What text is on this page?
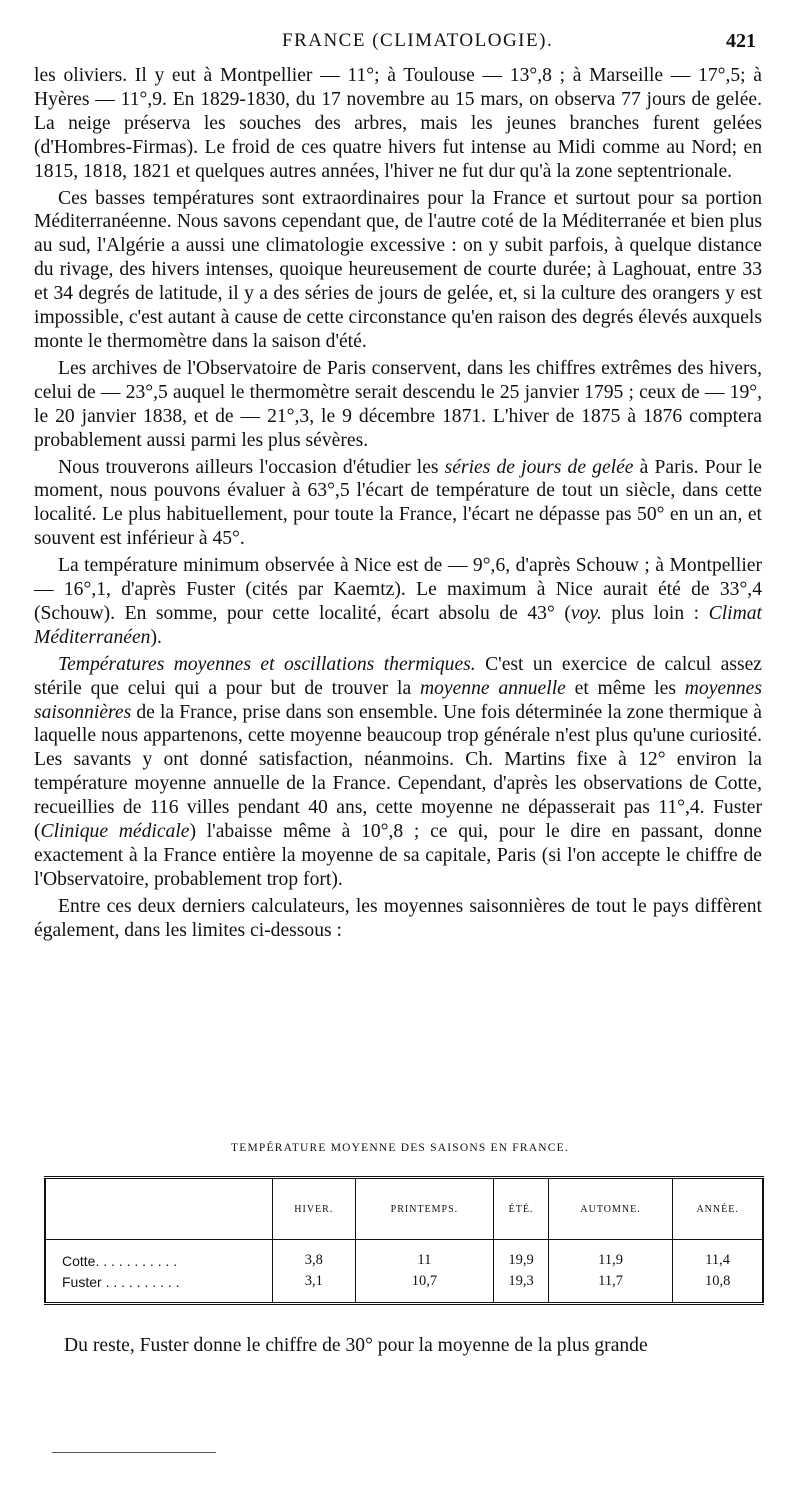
FRANCE (CLIMATOLOGIE).	421

les oliviers. Il y eut à Montpellier — 11°; à Toulouse — 13°,8 ; à Marseille — 17°,5; à Hyères — 11°,9. En 1829-1830, du 17 novembre au 15 mars, on observa 77 jours de gelée. La neige préserva les souches des arbres, mais les jeunes branches furent gelées (d'Hombres-Firmas). Le froid de ces quatre hivers fut intense au Midi comme au Nord; en 1815, 1818, 1821 et quelques autres années, l'hiver ne fut dur qu'à la zone septentrionale.

Ces basses températures sont extraordinaires pour la France et surtout pour sa portion Méditerranéenne. Nous savons cependant que, de l'autre coté de la Méditerranée et bien plus au sud, l'Algérie a aussi une climatologie excessive : on y subit parfois, à quelque distance du rivage, des hivers intenses, quoique heureusement de courte durée; à Laghouat, entre 33 et 34 degrés de latitude, il y a des séries de jours de gelée, et, si la culture des orangers y est impossible, c'est autant à cause de cette circonstance qu'en raison des degrés élevés auxquels monte le thermomètre dans la saison d'été.

Les archives de l'Observatoire de Paris conservent, dans les chiffres extrêmes des hivers, celui de — 23°,5 auquel le thermomètre serait descendu le 25 janvier 1795 ; ceux de — 19°, le 20 janvier 1838, et de — 21°,3, le 9 décembre 1871. L'hiver de 1875 à 1876 comptera probablement aussi parmi les plus sévères.

Nous trouverons ailleurs l'occasion d'étudier les séries de jours de gelée à Paris. Pour le moment, nous pouvons évaluer à 63°,5 l'écart de température de tout un siècle, dans cette localité. Le plus habituellement, pour toute la France, l'écart ne dépasse pas 50° en un an, et souvent est inférieur à 45°.

La température minimum observée à Nice est de — 9°,6, d'après Schouw ; à Montpellier — 16°,1, d'après Fuster (cités par Kaemtz). Le maximum à Nice aurait été de 33°,4 (Schouw). En somme, pour cette localité, écart absolu de 43° (voy. plus loin : Climat Méditerranéen).

Températures moyennes et oscillations thermiques. C'est un exercice de calcul assez stérile que celui qui a pour but de trouver la moyenne annuelle et même les moyennes saisonnières de la France, prise dans son ensemble. Une fois déterminée la zone thermique à laquelle nous appartenons, cette moyenne beaucoup trop générale n'est plus qu'une curiosité. Les savants y ont donné satisfaction, néanmoins. Ch. Martins fixe à 12° environ la température moyenne annuelle de la France. Cependant, d'après les observations de Cotte, recueillies de 116 villes pendant 40 ans, cette moyenne ne dépasserait pas 11°,4. Fuster (Clinique médicale) l'abaisse même à 10°,8 ; ce qui, pour le dire en passant, donne exactement à la France entière la moyenne de sa capitale, Paris (si l'on accepte le chiffre de l'Observatoire, probablement trop fort).

Entre ces deux derniers calculateurs, les moyennes saisonnières de tout le pays diffèrent également, dans les limites ci-dessous :

TEMPÉRATURE MOYENNE DES SAISONS EN FRANCE.
	HIVER.	PRINTEMPS.	ÉTÉ.	AUTOMNE.	ANNÉE.
Cotte. . . . . . . . . . .	3,8	11	19,9	11,9	11,4
Fuster . . . . . . . . . .	3,1	10,7	19,3	11,7	10,8
Du reste, Fuster donne le chiffre de 30° pour la moyenne de la plus grande
